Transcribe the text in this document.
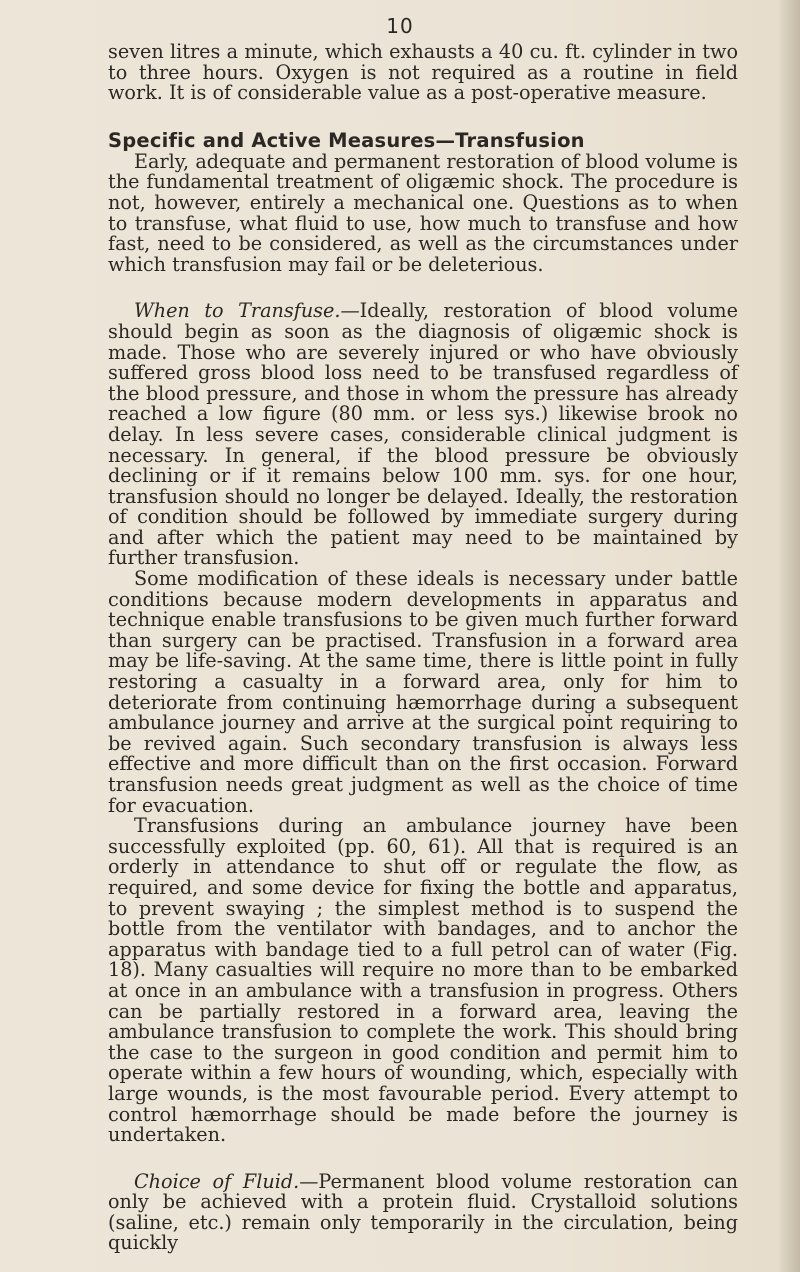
10

seven litres a minute, which exhausts a 40 cu. ft. cylinder in two to three hours. Oxygen is not required as a routine in field work. It is of considerable value as a post-operative measure.

Specific and Active Measures—Transfusion

Early, adequate and permanent restoration of blood volume is the fundamental treatment of oligæmic shock. The procedure is not, however, entirely a mechanical one. Questions as to when to transfuse, what fluid to use, how much to transfuse and how fast, need to be considered, as well as the circumstances under which transfusion may fail or be deleterious.

When to Transfuse.—Ideally, restoration of blood volume should begin as soon as the diagnosis of oligæmic shock is made. Those who are severely injured or who have obviously suffered gross blood loss need to be transfused regardless of the blood pressure, and those in whom the pressure has already reached a low figure (80 mm. or less sys.) likewise brook no delay. In less severe cases, considerable clinical judgment is necessary. In general, if the blood pressure be obviously declining or if it remains below 100 mm. sys. for one hour, transfusion should no longer be delayed. Ideally, the restoration of condition should be followed by immediate surgery during and after which the patient may need to be maintained by further transfusion.

Some modification of these ideals is necessary under battle conditions because modern developments in apparatus and technique enable transfusions to be given much further forward than surgery can be practised. Transfusion in a forward area may be life-saving. At the same time, there is little point in fully restoring a casualty in a forward area, only for him to deteriorate from continuing hæmorrhage during a subsequent ambulance journey and arrive at the surgical point requiring to be revived again. Such secondary transfusion is always less effective and more difficult than on the first occasion. Forward transfusion needs great judgment as well as the choice of time for evacuation.

Transfusions during an ambulance journey have been successfully exploited (pp. 60, 61). All that is required is an orderly in attendance to shut off or regulate the flow, as required, and some device for fixing the bottle and apparatus, to prevent swaying ; the simplest method is to suspend the bottle from the ventilator with bandages, and to anchor the apparatus with bandage tied to a full petrol can of water (Fig. 18). Many casualties will require no more than to be embarked at once in an ambulance with a transfusion in progress. Others can be partially restored in a forward area, leaving the ambulance transfusion to complete the work. This should bring the case to the surgeon in good condition and permit him to operate within a few hours of wounding, which, especially with large wounds, is the most favourable period. Every attempt to control hæmorrhage should be made before the journey is undertaken.

Choice of Fluid.—Permanent blood volume restoration can only be achieved with a protein fluid. Crystalloid solutions (saline, etc.) remain only temporarily in the circulation, being quickly
